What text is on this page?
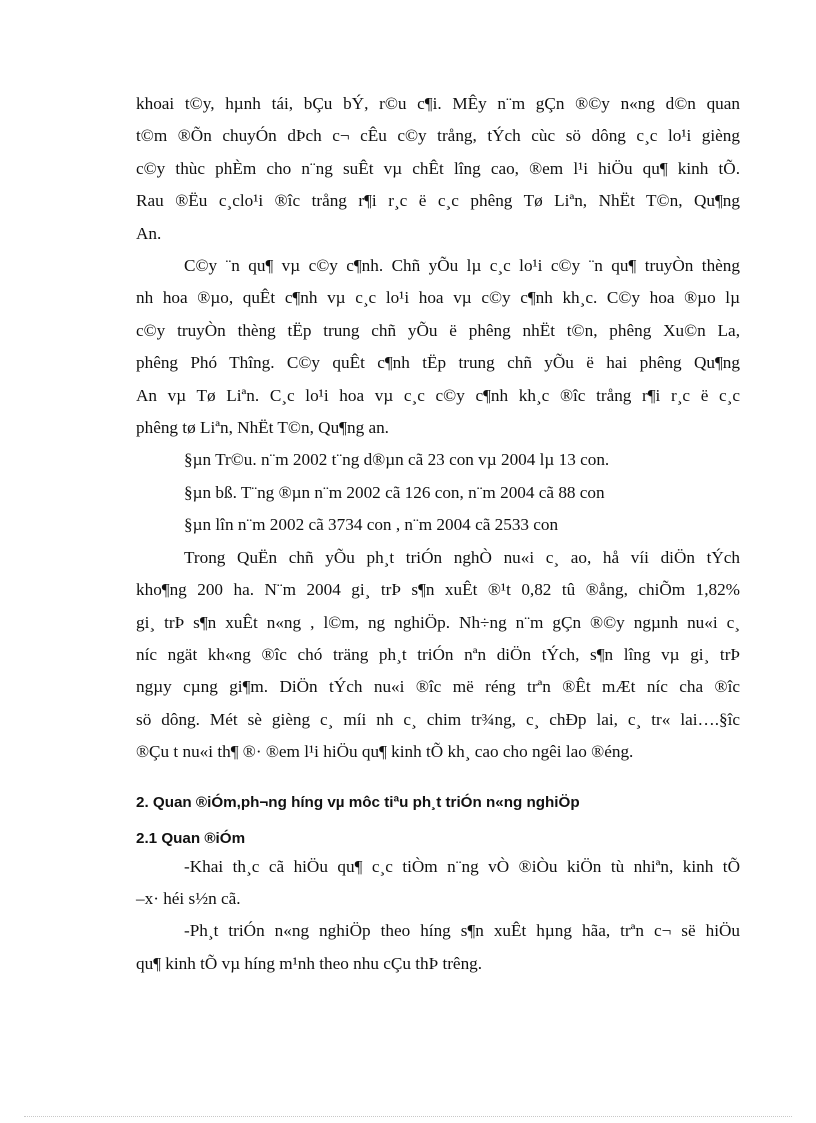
khoai t©y, hµnh tái, bÇu bÝ, r©u c¶i. MÊy n¨m gÇn ®©y n«ng d©n quan
t©m ®Õn chuyÓn dÞch c¬ cÊu c©y trång, tÝch cùc sö dông c¸c lo¹i gièng
c©y thùc phÈm cho n¨ng suÊt vµ chÊt lîng cao, ®em l¹i hiÖu qu¶ kinh tÕ.
Rau ®Ëu c¸clo¹i ®îc trång r¶i r¸c ë c¸c phêng Tø Liªn, NhËt T©n, Qu¶ng
An.

C©y ¨n qu¶ vµ c©y c¶nh. Chñ yÕu lµ c¸c lo¹i c©y ¨n qu¶ truyÒn thèng
nh hoa ®µo, quÊt c¶nh vµ c¸c lo¹i hoa vµ c©y c¶nh kh¸c. C©y hoa ®µo lµ
c©y truyÒn thèng tËp trung chñ yÕu ë phêng nhËt t©n, phêng Xu©n La,
phêng Phó Thîng. C©y quÊt c¶nh tËp trung chñ yÕu ë hai phêng Qu¶ng
An vµ Tø Liªn. C¸c lo¹i hoa vµ c¸c c©y c¶nh kh¸c ®îc trång r¶i r¸c ë c¸c
phêng tø Liªn, NhËt T©n, Qu¶ng an.

§µn Tr©u. n¨m 2002 t¨ng d®µn cã 23 con vµ 2004 lµ 13 con.

§µn bß. T¨ng ®µn n¨m 2002 cã 126 con, n¨m 2004 cã 88 con

§µn lîn n¨m 2002 cã 3734 con , n¨m 2004 cã 2533 con

Trong QuËn chñ yÕu ph¸t triÓn nghÒ nu«i c¸ ao, hå víi diÖn tÝch
kho¶ng 200 ha. N¨m 2004 gi¸ trÞ s¶n xuÊt ®¹t 0,82 tû ®ång, chiÕm 1,82%
gi¸ trÞ s¶n xuÊt n«ng , l©m, ng nghiÖp. Nh÷ng n¨m gÇn ®©y ngµnh nu«i c¸
níc ngät kh«ng ®îc chó träng ph¸t triÓn nªn diÖn tÝch, s¶n lîng vµ gi¸ trÞ
ngµy cµng gi¶m. DiÖn tÝch nu«i ®îc më réng trªn ®Êt mÆt níc cha ®îc
sö dông. Mét sè gièng c¸ míi nh c¸ chim tr¾ng, c¸ chÐp lai, c¸ tr« lai….§îc
®Çu t nu«i th¶ ®· ®em l¹i hiÖu qu¶ kinh tÕ kh¸ cao cho ngêi lao ®éng.

2. Quan ®iÓm,ph¬ng híng vµ môc tiªu ph¸t triÓn n«ng nghiÖp
2.1 Quan ®iÓm

-Khai th¸c cã hiÖu qu¶ c¸c tiÒm n¨ng vÒ ®iÒu kiÖn tù nhiªn, kinh tÕ
–x· héi s½n cã.

-Ph¸t triÓn n«ng nghiÖp theo híng s¶n xuÊt hµng hãa, trªn c¬ së hiÖu
qu¶ kinh tÕ vµ híng m¹nh theo nhu cÇu thÞ trêng.
